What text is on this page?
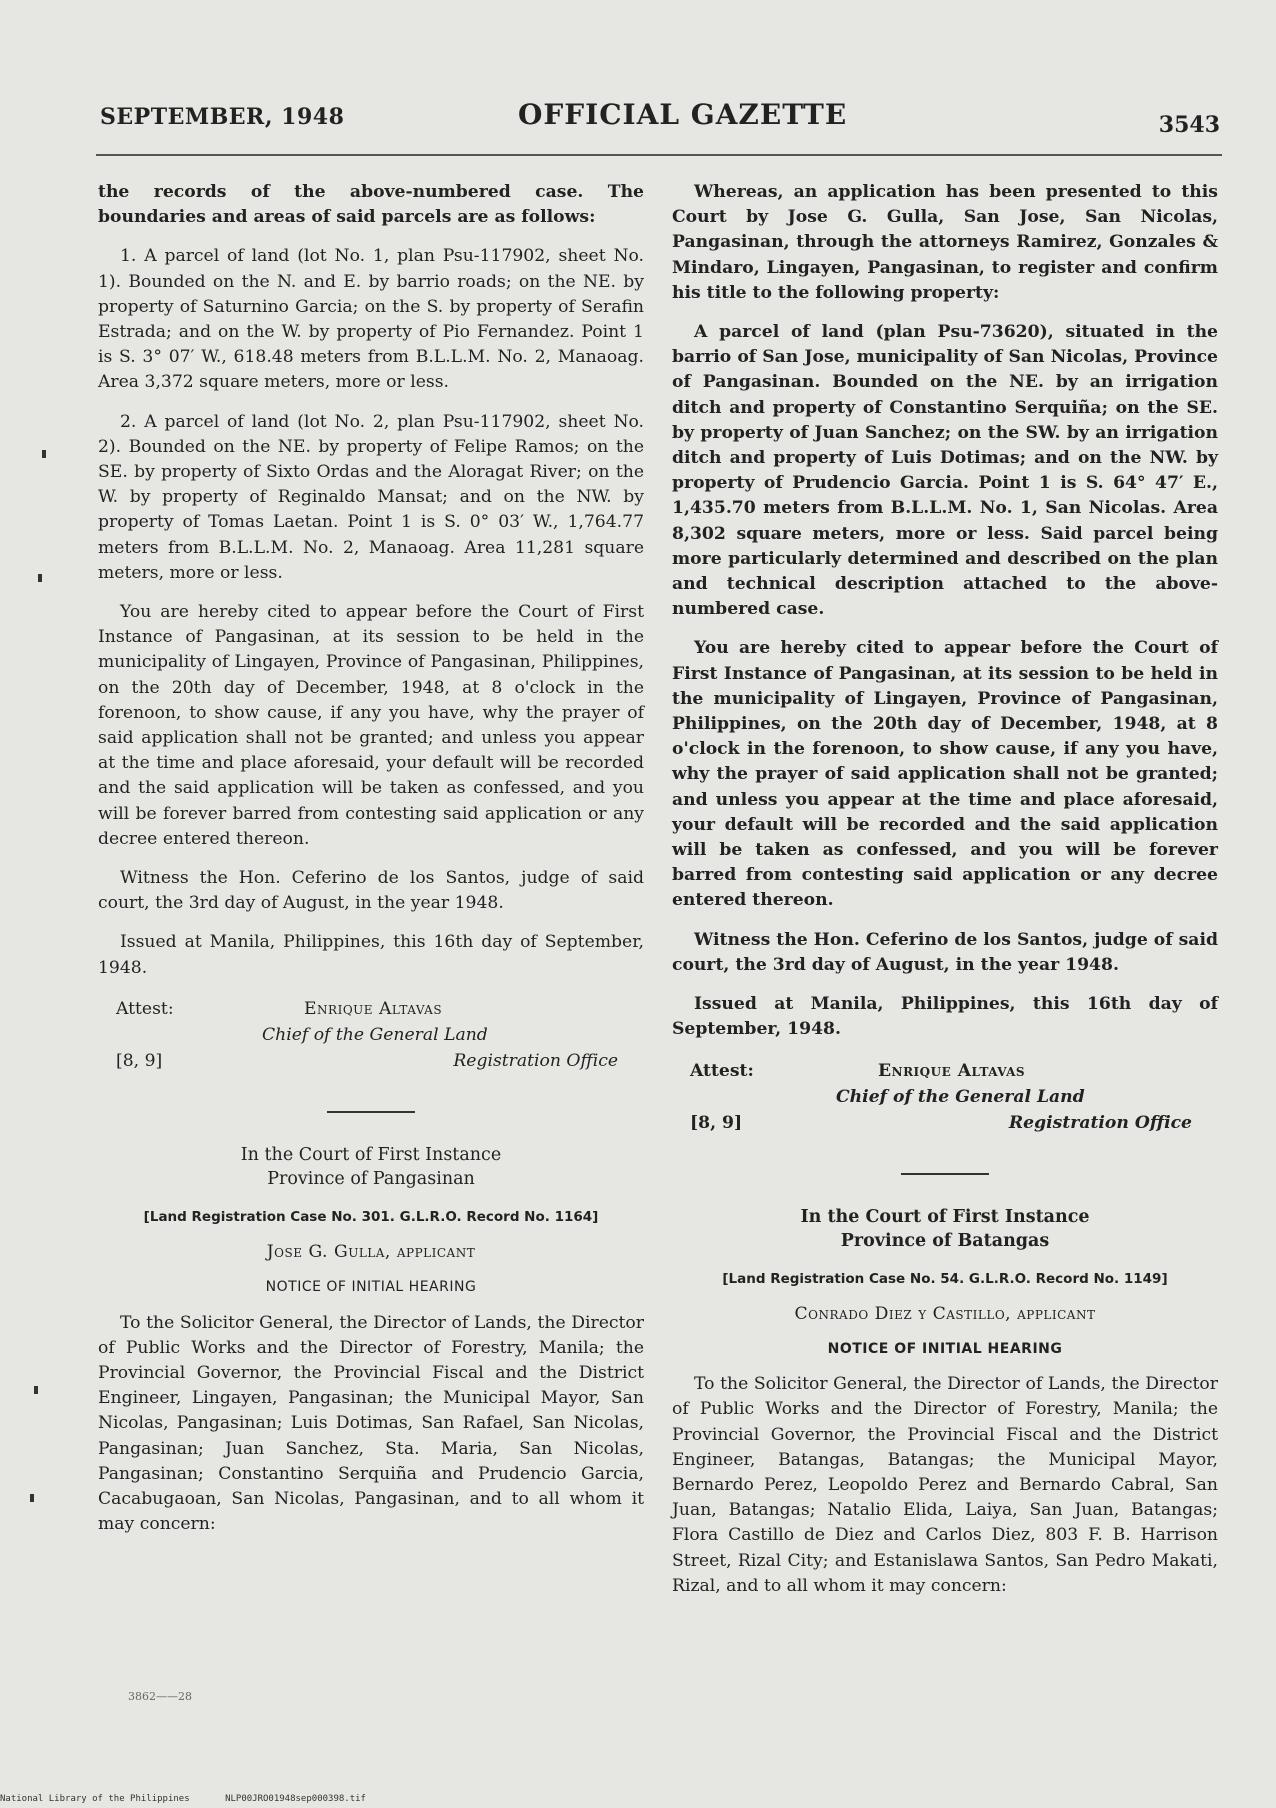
SEPTEMBER, 1948	OFFICIAL GAZETTE	3543

the records of the above-numbered case. The boundaries and areas of said parcels are as follows:

1. A parcel of land (lot No. 1, plan Psu-117902, sheet No. 1). Bounded on the N. and E. by barrio roads; on the NE. by property of Saturnino Garcia; on the S. by property of Serafin Estrada; and on the W. by property of Pio Fernandez. Point 1 is S. 3° 07′ W., 618.48 meters from B.L.L.M. No. 2, Manaoag. Area 3,372 square meters, more or less.

2. A parcel of land (lot No. 2, plan Psu-117902, sheet No. 2). Bounded on the NE. by property of Felipe Ramos; on the SE. by property of Sixto Ordas and the Aloragat River; on the W. by property of Reginaldo Mansat; and on the NW. by property of Tomas Laetan. Point 1 is S. 0° 03′ W., 1,764.77 meters from B.L.L.M. No. 2, Manaoag. Area 11,281 square meters, more or less.

You are hereby cited to appear before the Court of First Instance of Pangasinan, at its session to be held in the municipality of Lingayen, Province of Pangasinan, Philippines, on the 20th day of December, 1948, at 8 o'clock in the forenoon, to show cause, if any you have, why the prayer of said application shall not be granted; and unless you appear at the time and place aforesaid, your default will be recorded and the said application will be taken as confessed, and you will be forever barred from contesting said application or any decree entered thereon.

Witness the Hon. Ceferino de los Santos, judge of said court, the 3rd day of August, in the year 1948.

Issued at Manila, Philippines, this 16th day of September, 1948.

Attest:	Enrique Altavas
Chief of the General Land
[8, 9]	Registration Office
In the Court of First Instance
Province of Pangasinan
[Land Registration Case No. 301. G.L.R.O. Record No. 1164]
Jose G. Gulla, applicant
NOTICE OF INITIAL HEARING

To the Solicitor General, the Director of Lands, the Director of Public Works and the Director of Forestry, Manila; the Provincial Governor, the Provincial Fiscal and the District Engineer, Lingayen, Pangasinan; the Municipal Mayor, San Nicolas, Pangasinan; Luis Dotimas, San Rafael, San Nicolas, Pangasinan; Juan Sanchez, Sta. Maria, San Nicolas, Pangasinan; Constantino Serquiña and Prudencio Garcia, Cacabugaoan, San Nicolas, Pangasinan, and to all whom it may concern:

Whereas, an application has been presented to this Court by Jose G. Gulla, San Jose, San Nicolas, Pangasinan, through the attorneys Ramirez, Gonzales & Mindaro, Lingayen, Pangasinan, to register and confirm his title to the following property:

A parcel of land (plan Psu-73620), situated in the barrio of San Jose, municipality of San Nicolas, Province of Pangasinan. Bounded on the NE. by an irrigation ditch and property of Constantino Serquiña; on the SE. by property of Juan Sanchez; on the SW. by an irrigation ditch and property of Luis Dotimas; and on the NW. by property of Prudencio Garcia. Point 1 is S. 64° 47′ E., 1,435.70 meters from B.L.L.M. No. 1, San Nicolas. Area 8,302 square meters, more or less. Said parcel being more particularly determined and described on the plan and technical description attached to the above-numbered case.

You are hereby cited to appear before the Court of First Instance of Pangasinan, at its session to be held in the municipality of Lingayen, Province of Pangasinan, Philippines, on the 20th day of December, 1948, at 8 o'clock in the forenoon, to show cause, if any you have, why the prayer of said application shall not be granted; and unless you appear at the time and place aforesaid, your default will be recorded and the said application will be taken as confessed, and you will be forever barred from contesting said application or any decree entered thereon.

Witness the Hon. Ceferino de los Santos, judge of said court, the 3rd day of August, in the year 1948.

Issued at Manila, Philippines, this 16th day of September, 1948.

Attest:	Enrique Altavas
Chief of the General Land
[8, 9]	Registration Office
In the Court of First Instance
Province of Batangas
[Land Registration Case No. 54. G.L.R.O. Record No. 1149]
Conrado Diez y Castillo, applicant
NOTICE OF INITIAL HEARING

To the Solicitor General, the Director of Lands, the Director of Public Works and the Director of Forestry, Manila; the Provincial Governor, the Provincial Fiscal and the District Engineer, Batangas, Batangas; the Municipal Mayor, Bernardo Perez, Leopoldo Perez and Bernardo Cabral, San Juan, Batangas; Natalio Elida, Laiya, San Juan, Batangas; Flora Castillo de Diez and Carlos Diez, 803 F. B. Harrison Street, Rizal City; and Estanislawa Santos, San Pedro Makati, Rizal, and to all whom it may concern:

3862——28
National Library of the Philippines	NLP00JRO01948sep000398.tif
